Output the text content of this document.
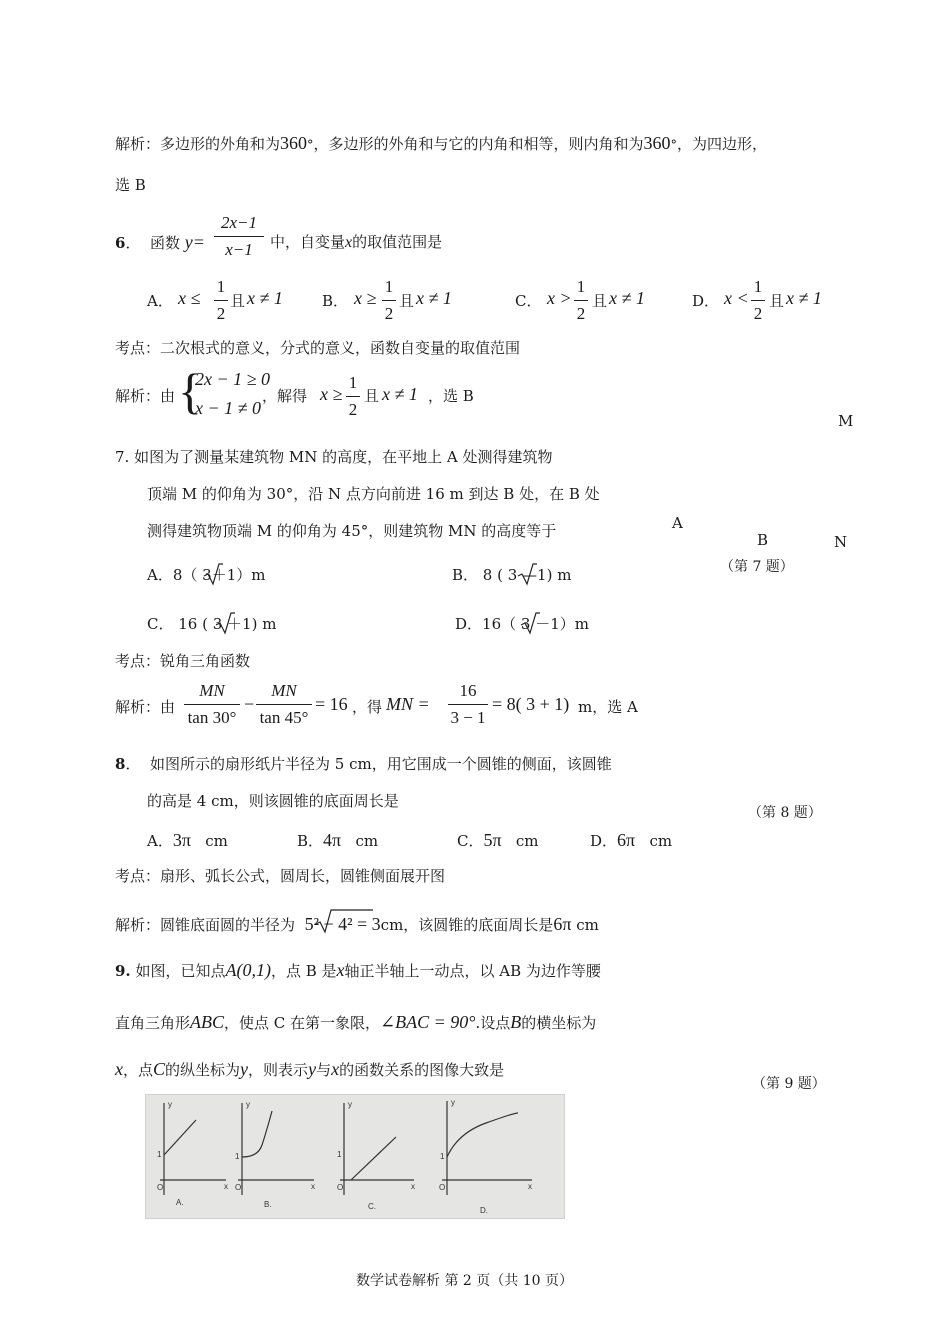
解析：多边形的外角和为360°，多边形的外角和与它的内角和相等，则内角和为360°，为四边形，
选 B
6．  函数 y=
2x−1
x−1	中，自变量x的取值范围是
A． x ≤
1
2
且 x ≠ 1	B． x ≥
1
2
且 x ≠ 1	C． x >
1
2
且 x ≠ 1	D． x <
1
2
且 x ≠ 1
考点：二次根式的意义，分式的意义，函数自变量的取值范围
解析：由 {
2x − 1 ≥ 0
x − 1 ≠ 0
，解得 x ≥
1
2
且 x ≠ 1 ，选 B
M
A
B	N
（第 7 题）
7. 如图为了测量某建筑物 MN 的高度，在平地上 A 处测得建筑物
顶端 M 的仰角为 30°，沿 N 点方向前进 16 m 到达 B 处，在 B 处
测得建筑物顶端 M 的仰角为 45°，则建筑物 MN 的高度等于
A．8（ 3＋1）m	B． 8 ( 3 —1) m
C． 16 ( 3 ＋1) m	D．16（ 3 －1）m
考点：锐角三角函数
解析：由
MN
tan 30°
−
MN
tan 45°
= 16 ，得 MN =
16
3 − 1
= 8( 3 + 1) m，选 A
8．  如图所示的扇形纸片半径为 5 cm，用它围成一个圆锥的侧面，该圆锥
的高是 4 cm，则该圆锥的底面周长是
（第 8 题）
A．3π cm	B．4π cm	C．5π cm	D．6π cm
考点：扇形、弧长公式，圆周长，圆锥侧面展开图
解析：圆锥底面圆的半径为 5² − 4² = 3cm，该圆锥的底面周长是6π cm
9. 如图，已知点A(0,1)，点 B 是x轴正半轴上一动点，以 AB 为边作等腰
直角三角形ABC，使点 C 在第一象限，∠BAC = 90°.设点B的横坐标为
x，点C的纵坐标为y，则表示y与x的函数关系的图像大致是
（第 9 题）
O	O	O	O
1	1	1	1
y	y	y	y
x	x	x	x
A.	B.	C.	D.
数学试卷解析 第 2 页（共 10 页）
